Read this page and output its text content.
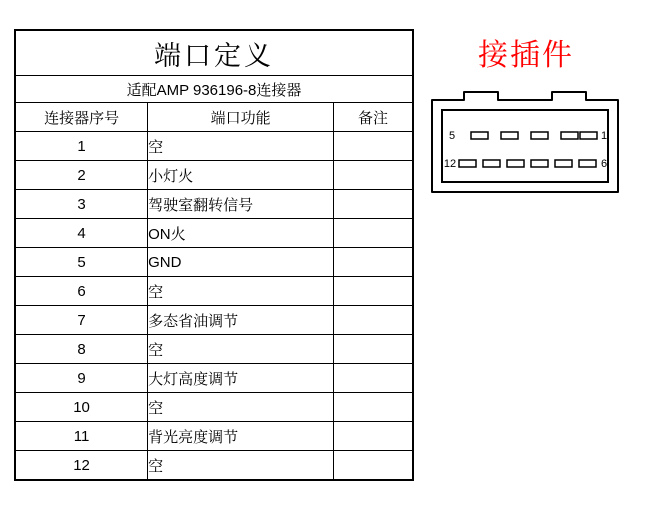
端口定义		
适配AMP 936196-8连接器		
连接器序号	端口功能	备注
1	空	
2	小灯火	
3	驾驶室翻转信号	
4	ON火	
5	GND	
6	空	
7	多态省油调节	
8	空	
9	大灯高度调节	
10	空	
11	背光亮度调节	
12	空	
接插件
5	1
12	6
